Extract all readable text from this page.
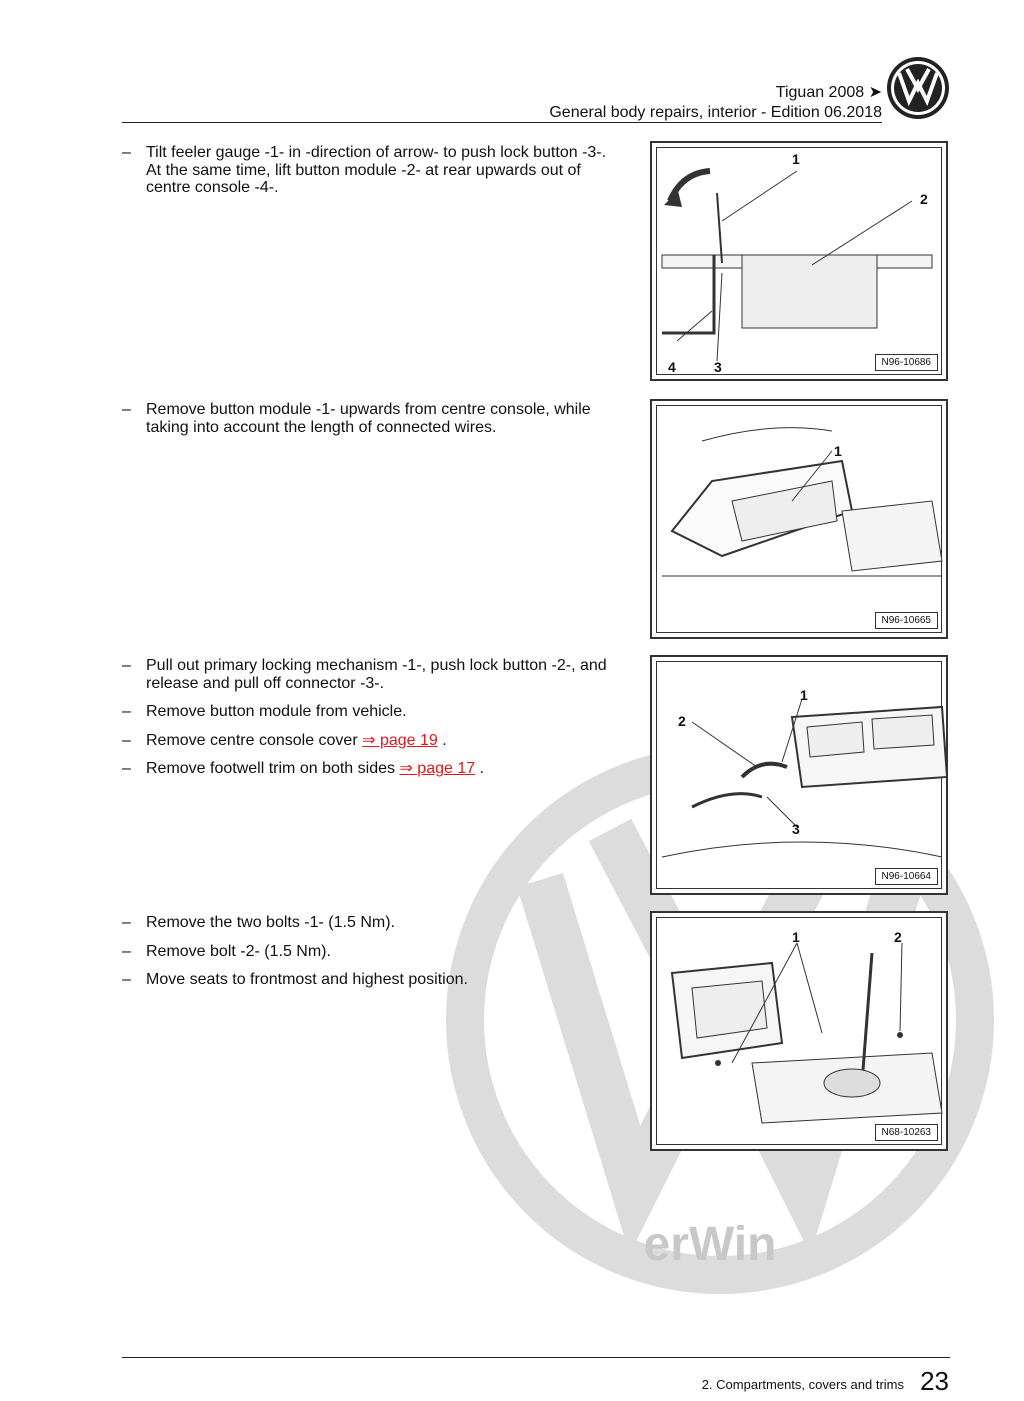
Tiguan 2008 ➤
General body repairs, interior - Edition 06.2018
erWin
– Tilt feeler gauge -1- in -direction of arrow- to push lock button -3-. At the same time, lift button module -2- at rear upwards out of centre console -4-.
1
2
3
4	N96-10686
– Remove button module -1- upwards from centre console, while taking into account the length of connected wires.
1
N96-10665
– Pull out primary locking mechanism -1-, push lock button -2-, and release and pull off connector -3-.
– Remove button module from vehicle.
– Remove centre console cover ⇒ page 19 .
– Remove footwell trim on both sides ⇒ page 17 .
1
2
3
N96-10664
– Remove the two bolts -1- (1.5 Nm).
– Remove bolt -2- (1.5 Nm).
– Move seats to frontmost and highest position.
1	2
N68-10263
2. Compartments, covers and trims 23
